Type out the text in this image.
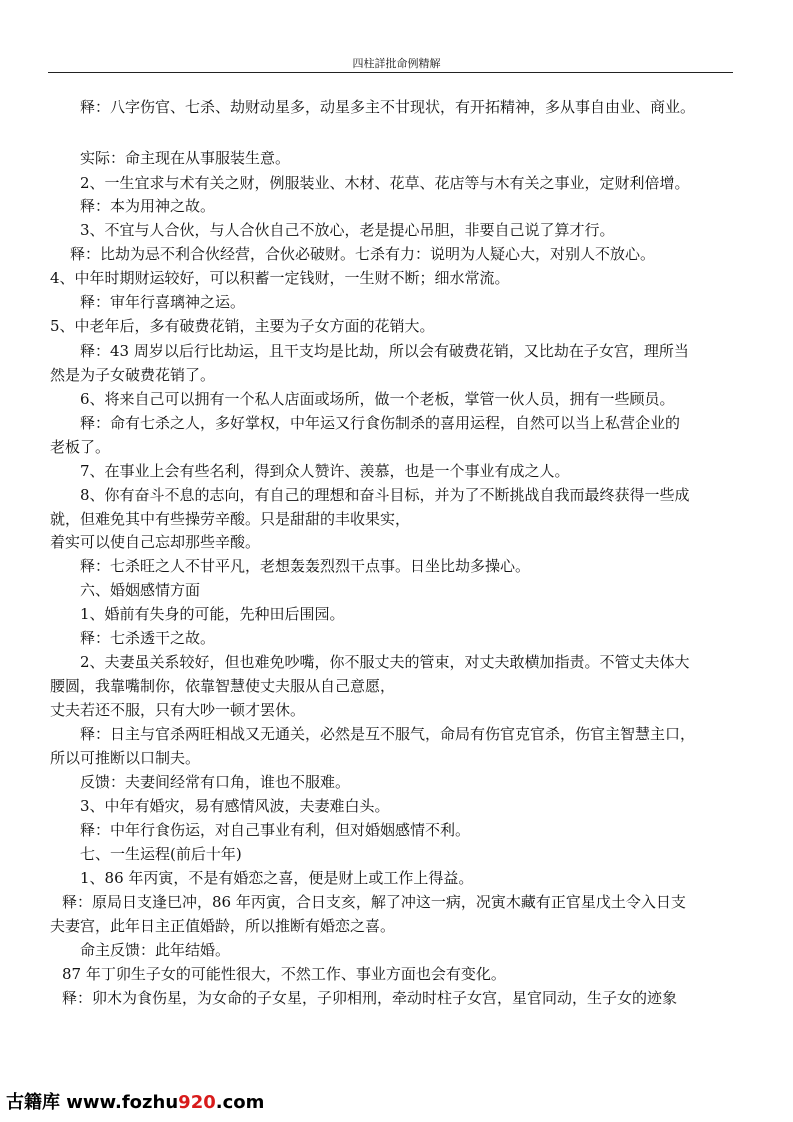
四柱詳批命例精解
释：八字伤官、七杀、劫财动星多，动星多主不甘现状，有开拓精神，多从事自由业、商业。
实际：命主现在从事服装生意。
2、一生宜求与术有关之财，例服装业、木材、花草、花店等与木有关之事业，定财利倍增。
释：本为用神之故。
3、不宜与人合伙，与人合伙自己不放心，老是提心吊胆，非要自己说了算才行。
释：比劫为忌不利合伙经营，合伙必破财。七杀有力：说明为人疑心大，对别人不放心。
4、中年时期财运较好，可以积蓄一定钱财，一生财不断；细水常流。
释：审年行喜璃神之运。
5、中老年后，多有破费花销，主要为子女方面的花销大。
释：43 周岁以后行比劫运，且干支均是比劫，所以会有破费花销，又比劫在子女宫，理所当
然是为子女破费花销了。
6、将来自己可以拥有一个私人店面或场所，做一个老板，掌管一伙人员，拥有一些顾员。
释：命有七杀之人，多好掌权，中年运又行食伤制杀的喜用运程，自然可以当上私营企业的
老板了。
7、在事业上会有些名利，得到众人赞许、羡慕，也是一个事业有成之人。
8、你有奋斗不息的志向，有自己的理想和奋斗目标，并为了不断挑战自我而最终获得一些成
就，但难免其中有些操劳辛酸。只是甜甜的丰收果实，
着实可以使自己忘却那些辛酸。
释：七杀旺之人不甘平凡，老想轰轰烈烈干点事。日坐比劫多操心。
六、婚姻感情方面
1、婚前有失身的可能，先种田后围园。
释：七杀透干之故。
2、夫妻虽关系较好，但也难免吵嘴，你不服丈夫的管束，对丈夫敢横加指责。不管丈夫体大
腰圆，我靠嘴制你，依靠智慧使丈夫服从自己意愿，
丈夫若还不服，只有大吵一顿才罢休。
释：日主与官杀两旺相战又无通关，必然是互不服气，命局有伤官克官杀，伤官主智慧主口，
所以可推断以口制夫。
反馈：夫妻间经常有口角，谁也不服难。
3、中年有婚灾，易有感情风波，夫妻难白头。
释：中年行食伤运，对自己事业有利，但对婚姻感情不利。
七、一生运程(前后十年)
1、86 年丙寅，不是有婚恋之喜，便是财上或工作上得益。
释：原局日支逢巳冲，86 年丙寅，合日支亥，解了冲这一病，况寅木藏有正官星戊土令入日支
夫妻宫，此年日主正值婚龄，所以推断有婚恋之喜。
命主反馈：此年结婚。
87 年丁卯生子女的可能性很大，不然工作、事业方面也会有变化。
释：卯木为食伤星，为女命的子女星，子卯相刑，牵动时柱子女宫，星官同动，生子女的迹象
古籍库 www.fozhu920.com
